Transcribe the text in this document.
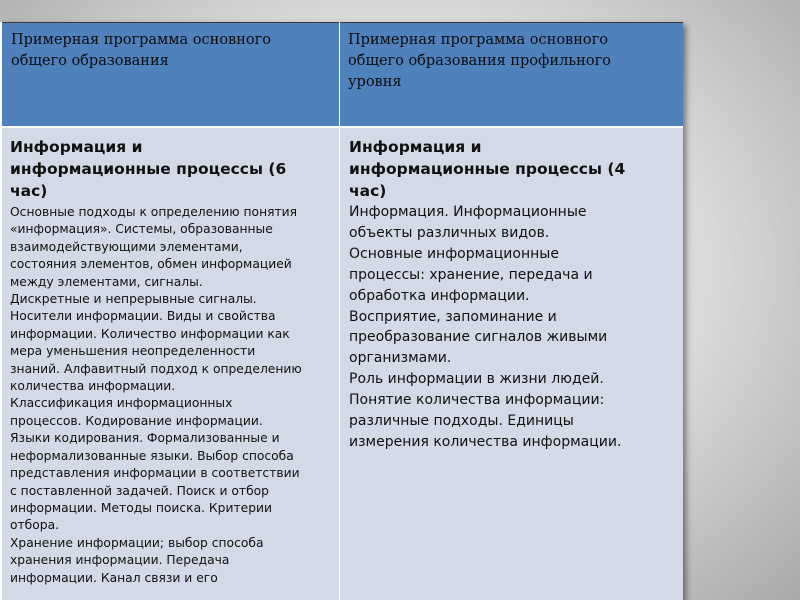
Примерная программа основного
общего образования
Примерная программа основного
общего образования профильного
уровня
Информация и
информационные процессы (6
час)
Основные подходы к определению понятия
«информация». Системы, образованные
взаимодействующими элементами,
состояния элементов, обмен информацией
между элементами, сигналы.
Дискретные и непрерывные сигналы.
Носители информации. Виды и свойства
информации. Количество информации как
мера уменьшения неопределенности
знаний. Алфавитный подход к определению
количества информации.
Классификация информационных
процессов. Кодирование информации.
Языки кодирования. Формализованные и
неформализованные языки. Выбор способа
представления информации в соответствии
с поставленной задачей. Поиск и отбор
информации. Методы поиска. Критерии
отбора.
Хранение информации; выбор способа
хранения информации. Передача
информации. Канал связи и его
Информация и
информационные процессы (4
час)
Информация. Информационные
объекты различных видов.
Основные информационные
процессы: хранение, передача и
обработка информации.
Восприятие, запоминание и
преобразование сигналов живыми
организмами.
Роль информации в жизни людей.
Понятие количества информации:
различные подходы. Единицы
измерения количества информации.
